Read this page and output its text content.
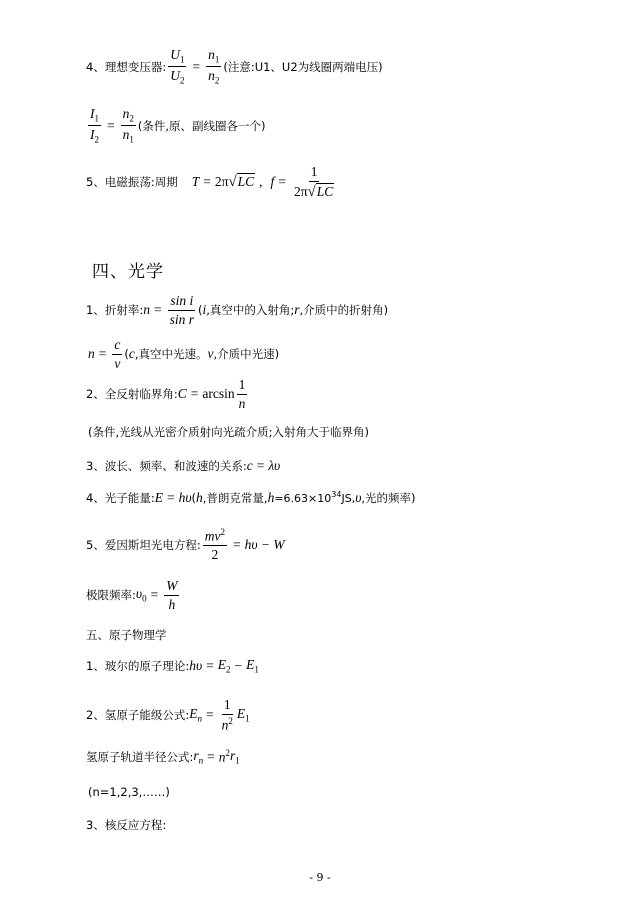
4、理想变压器: $\frac{U_1}{U_2} = \frac{n_1}{n_2}$ (注意:U1、U2为线圈两端电压)
$\frac{I_1}{I_2} = \frac{n_2}{n_1}$ (条件,原、副线圈各一个)
5、电磁振荡:周期 T = 2π √ LC , $f = \frac{1}{2\pi √ LC}$
四、光学
1、折射率: $n = \frac{\text{sin i}}{\text{sin r}}$ ( i ,真空中的入射角; r ,介质中的折射角)
$n = \frac{c}{v}$ ( c ,真空中光速。 v ,介质中光速)
2、全反射临界角: $C = \arcsin \frac{1}{n}$
(条件,光线从光密介质射向光疏介质;入射角大于临界角)
3、波长、频率、和波速的关系: c = λυ
4、光子能量: E = hυ ( h ,普朗克常量, $h =6.63\times 10^{34}$ JS, υ ,光的频率)
5、爱因斯坦光电方程: $\frac{mv^2}{2} = h\upsilon - W$
极限频率: $\upsilon_0 = \frac{W}{h}$
五、原子物理学
1、玻尔的原子理论: $h\upsilon = E_2 - E_1$
2、氢原子能级公式: $E_n = \frac{1}{n^2} E_1$
氢原子轨道半径公式: $r_n = n^2$ $r_1$
(n=1,2,3,……)
3、核反应方程:
- 9 -
